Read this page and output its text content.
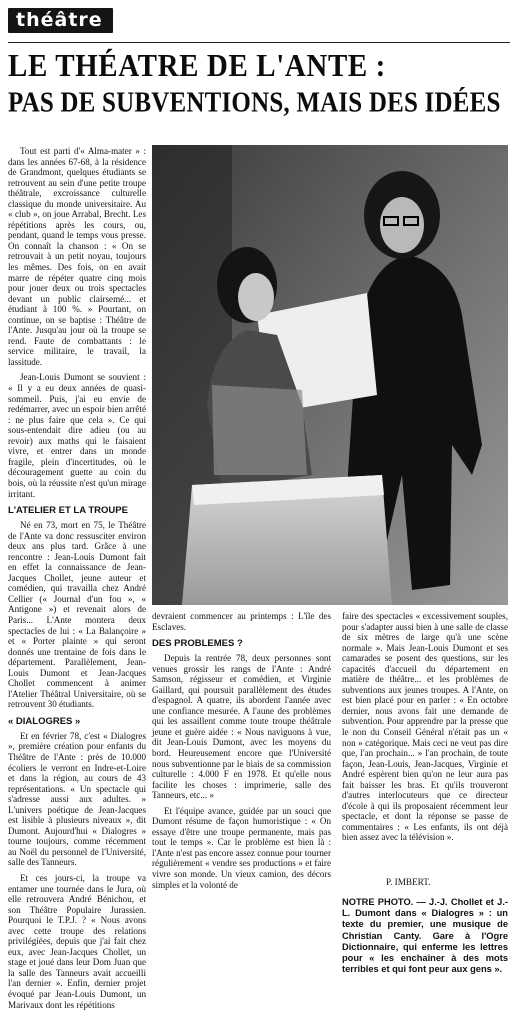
théâtre
LE THÉATRE DE L'ANTE :
PAS DE SUBVENTIONS, MAIS DES IDÉES

Tout est parti d'« Alma-mater » : dans les années 67-68, à la résidence de Grandmont, quelques étudiants se retrouvent au sein d'une petite troupe théâtrale, excroissance culturelle classique du monde universitaire. Au « club », on joue Arrabal, Brecht. Les répétitions après les cours, ou, pendant, quand le temps vous presse. On connaît la chanson : « On se retrouvait à un petit noyau, toujours les mêmes. Des fois, on en avait marre de répéter quatre cinq mois pour jouer deux ou trois spectacles devant un public clairsemé... et étudiant à 100 %. » Pourtant, on continue, on se baptise : Théâtre de l'Ante. Jusqu'au jour où la troupe se rend. Faute de combattants : le service militaire, le travail, la lassitude.

Jean-Louis Dumont se souvient : « Il y a eu deux années de quasi-sommeil. Puis, j'ai eu envie de redémarrer, avec un espoir bien arrêté : ne plus faire que cela ». Ce qui sous-entendait dire adieu (ou au revoir) aux maths qui le faisaient vivre, et entrer dans un monde fragile, plein d'incertitudes, où le découragement guette au coin du bois, où la réussite n'est qu'un mirage irritant.

L'ATELIER ET LA TROUPE

Né en 73, mort en 75, le Théâtre de l'Ante va donc ressusciter environ deux ans plus tard. Grâce à une rencontre : Jean-Louis Dumont fait en effet la connaissance de Jean-Jacques Chollet, jeune auteur et comédien, qui travailla chez André Cellier (« Journal d'un fou », « Antigone ») et revenait alors de Paris... L'Ante montera deux spectacles de lui : « La Balançoire » et « Porter plainte » qui seront donnés une trentaine de fois dans le département. Parallèlement, Jean-Louis Dumont et Jean-Jacques Chollet commencent à animer l'Atelier Théâtral Universitaire, où se retrouvent 30 étudiants.

« DIALOGRES »

Et en février 78, c'est « Dialogres », première création pour enfants du Théâtre de l'Ante : près de 10.000 écoliers le verront en Indre-et-Loire et dans la région, au cours de 43 représentations. « Un spectacle qui s'adresse aussi aux adultes. » L'univers poétique de Jean-Jacques est lisible à plusieurs niveaux », dit Dumont. Aujourd'hui « Dialogres » tourne toujours, comme récemment au Noël du personnel de l'Université, salle des Tanneurs.

Et ces jours-ci, la troupe va entamer une tournée dans le Jura, où elle retrouvera André Bénichou, et son Théâtre Populaire Jurassien. Pourquoi le T.P.J. ? « Nous avons avec cette troupe des relations privilégiées, depuis que j'ai fait chez eux, avec Jean-Jacques Chollet, un stage et joué dans leur Dom Juan que la salle des Tanneurs avait accueilli l'an dernier ». Enfin, dernier projet évoqué par Jean-Louis Dumont, un Marivaux dont les répétitions

devraient commencer au printemps : L'île des Esclaves.

DES PROBLEMES ?

Depuis la rentrée 78, deux personnes sont venues grossir les rangs de l'Ante : André Samson, régisseur et comédien, et Virginie Gaillard, qui poursuit parallèlement des études d'espagnol. A quatre, ils abordent l'année avec une confiance mesurée. A l'aune des problèmes qui les assaillent comme toute troupe théâtrale jeune et guère aidée : « Nous naviguons à vue, dit Jean-Louis Dumont, avec les moyens du bord. Heureusement encore que l'Université nous subventionne par le biais de sa commission culturelle : 4.000 F en 1978. Et qu'elle nous facilite les choses : imprimerie, salle des Tanneurs, etc... »

Et l'équipe avance, guidée par un souci que Dumont résume de façon humoristique : « On essaye d'être une troupe permanente, mais pas tout le temps ». Car le problème est bien là : l'Ante n'est pas encore assez connue pour tourner régulièrement « vendre ses productions » et faire vivre son monde. Un vieux camion, des décors simples et la volonté de

faire des spectacles « excessivement souples, pour s'adapter aussi bien à une salle de classe de six mètres de large qu'à une scène normale ». Mais Jean-Louis Dumont et ses camarades se posent des questions, sur les capacités d'accueil du département en matière de théâtre... et les problèmes de subventions aux jeunes troupes. A l'Ante, on est bien placé pour en parler : « En octobre dernier, nous avons fait une demande de subvention. Pour apprendre par la presse que le non du Conseil Général n'était pas un « non » catégorique. Mais ceci ne veut pas dire que, l'an prochain... » l'an prochain, de toute façon, Jean-Louis, Jean-Jacques, Virginie et André espèrent bien qu'on ne leur aura pas fait baisser les bras. Et qu'ils trouveront d'autres interlocuteurs que ce directeur d'école à qui ils proposaient récemment leur spectacle, et dont la réponse se passe de commentaires : « Les enfants, ils ont déjà bien assez avec la télévision ».

P. IMBERT.
NOTRE PHOTO. — J.-J. Chollet et J.-L. Dumont dans « Dialogres » : un texte du premier, une musique de Christian Canty. Gare à l'Ogre Dictionnaire, qui enferme les lettres pour « les enchaîner à des mots terribles et qui font peur aux gens ».
